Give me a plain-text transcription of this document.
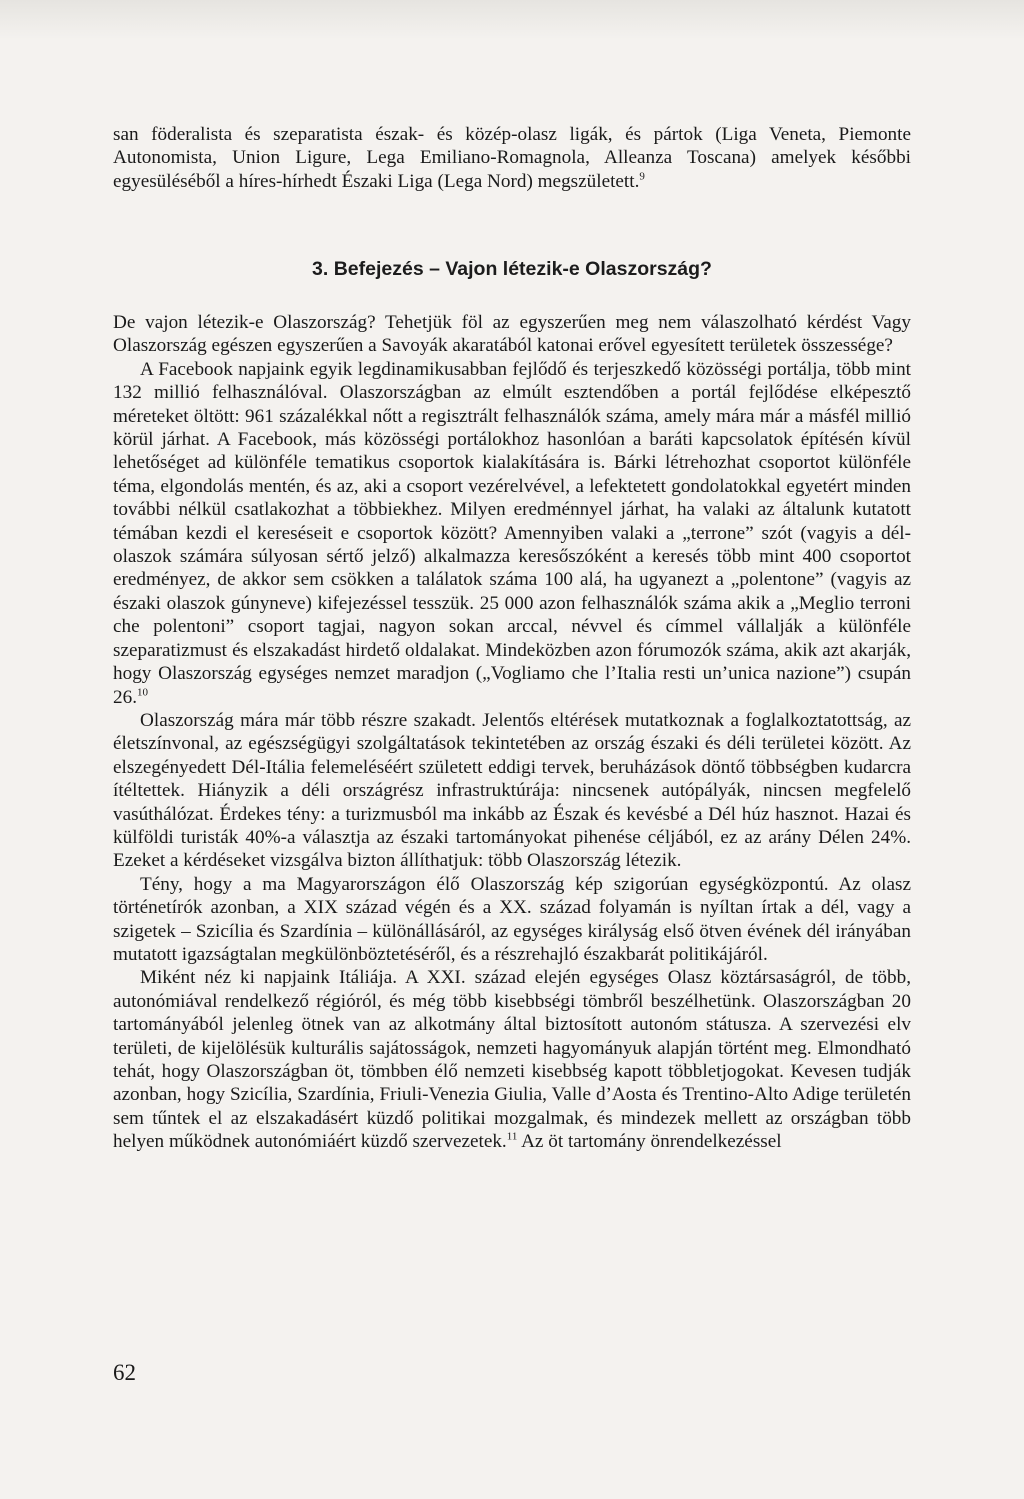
san föderalista és szeparatista észak- és közép-olasz ligák, és pártok (Liga Veneta, Piemonte Autonomista, Union Ligure, Lega Emiliano-Romagnola, Alleanza Toscana) amelyek későbbi egyesüléséből a híres-hírhedt Északi Liga (Lega Nord) megszületett.$^9$

3. Befejezés – Vajon létezik-e Olaszország?

De vajon létezik-e Olaszország? Tehetjük föl az egyszerűen meg nem válaszolható kérdést Vagy Olaszország egészen egyszerűen a Savoyák akaratából katonai erővel egyesített területek összessége?

A Facebook napjaink egyik legdinamikusabban fejlődő és terjeszkedő közösségi portálja, több mint 132 millió felhasználóval. Olaszországban az elmúlt esztendőben a portál fejlődése elképesztő méreteket öltött: 961 százalékkal nőtt a regisztrált felhasználók száma, amely mára már a másfél millió körül járhat. A Facebook, más közösségi portálokhoz hasonlóan a baráti kapcsolatok építésén kívül lehetőséget ad különféle tematikus csoportok kialakítására is. Bárki létrehozhat csoportot különféle téma, elgondolás mentén, és az, aki a csoport vezérelvével, a lefektetett gondolatokkal egyetért minden további nélkül csatlakozhat a többiekhez. Milyen eredménnyel járhat, ha valaki az általunk kutatott témában kezdi el kereséseit e csoportok között? Amennyiben valaki a „terrone” szót (vagyis a dél-olaszok számára súlyosan sértő jelző) alkalmazza keresőszóként a keresés több mint 400 csoportot eredményez, de akkor sem csökken a találatok száma 100 alá, ha ugyanezt a „polentone” (vagyis az északi olaszok gúnyneve) kifejezéssel tesszük. 25 000 azon felhasználók száma akik a „Meglio terroni che polentoni” csoport tagjai, nagyon sokan arccal, névvel és címmel vállalják a különféle szeparatizmust és elszakadást hirdető oldalakat. Mindeközben azon fórumozók száma, akik azt akarják, hogy Olaszország egységes nemzet maradjon („Vogliamo che l’Italia resti un’unica nazione”) csupán 26.10

Olaszország mára már több részre szakadt. Jelentős eltérések mutatkoznak a foglalkoztatottság, az életszínvonal, az egészségügyi szolgáltatások tekintetében az ország északi és déli területei között. Az elszegényedett Dél-Itália felemeléséért született eddigi tervek, beruházások döntő többségben kudarcra ítéltettek. Hiányzik a déli országrész infrastruktúrája: nincsenek autópályák, nincsen megfelelő vasúthálózat. Érdekes tény: a turizmusból ma inkább az Észak és kevésbé a Dél húz hasznot. Hazai és külföldi turisták 40%-a választja az északi tartományokat pihenése céljából, ez az arány Délen 24%. Ezeket a kérdéseket vizsgálva bizton állíthatjuk: több Olaszország létezik.

Tény, hogy a ma Magyarországon élő Olaszország kép szigorúan egységközpontú. Az olasz történetírók azonban, a XIX század végén és a XX. század folyamán is nyíltan írtak a dél, vagy a szigetek – Szicília és Szardínia – különállásáról, az egységes királyság első ötven évének dél irányában mutatott igazságtalan megkülönböztetéséről, és a részrehajló északbarát politikájáról.

Miként néz ki napjaink Itáliája. A XXI. század elején egységes Olasz köztársaságról, de több, autonómiával rendelkező régióról, és még több kisebbségi tömbről beszélhetünk. Olaszországban 20 tartományából jelenleg ötnek van az alkotmány által biztosított autonóm státusza. A szervezési elv területi, de kijelölésük kulturális sajátosságok, nemzeti hagyományuk alapján történt meg. Elmondható tehát, hogy Olaszországban öt, tömbben élő nemzeti kisebbség kapott többletjogokat. Kevesen tudják azonban, hogy Szicília, Szardínia, Friuli-Venezia Giulia, Valle d’Aosta és Trentino-Alto Adige területén sem tűntek el az elszakadásért küzdő politikai mozgalmak, és mindezek mellett az országban több helyen működnek autonómiáért küzdő szervezetek.$^{11}$ Az öt tartomány önrendelkezéssel

62
